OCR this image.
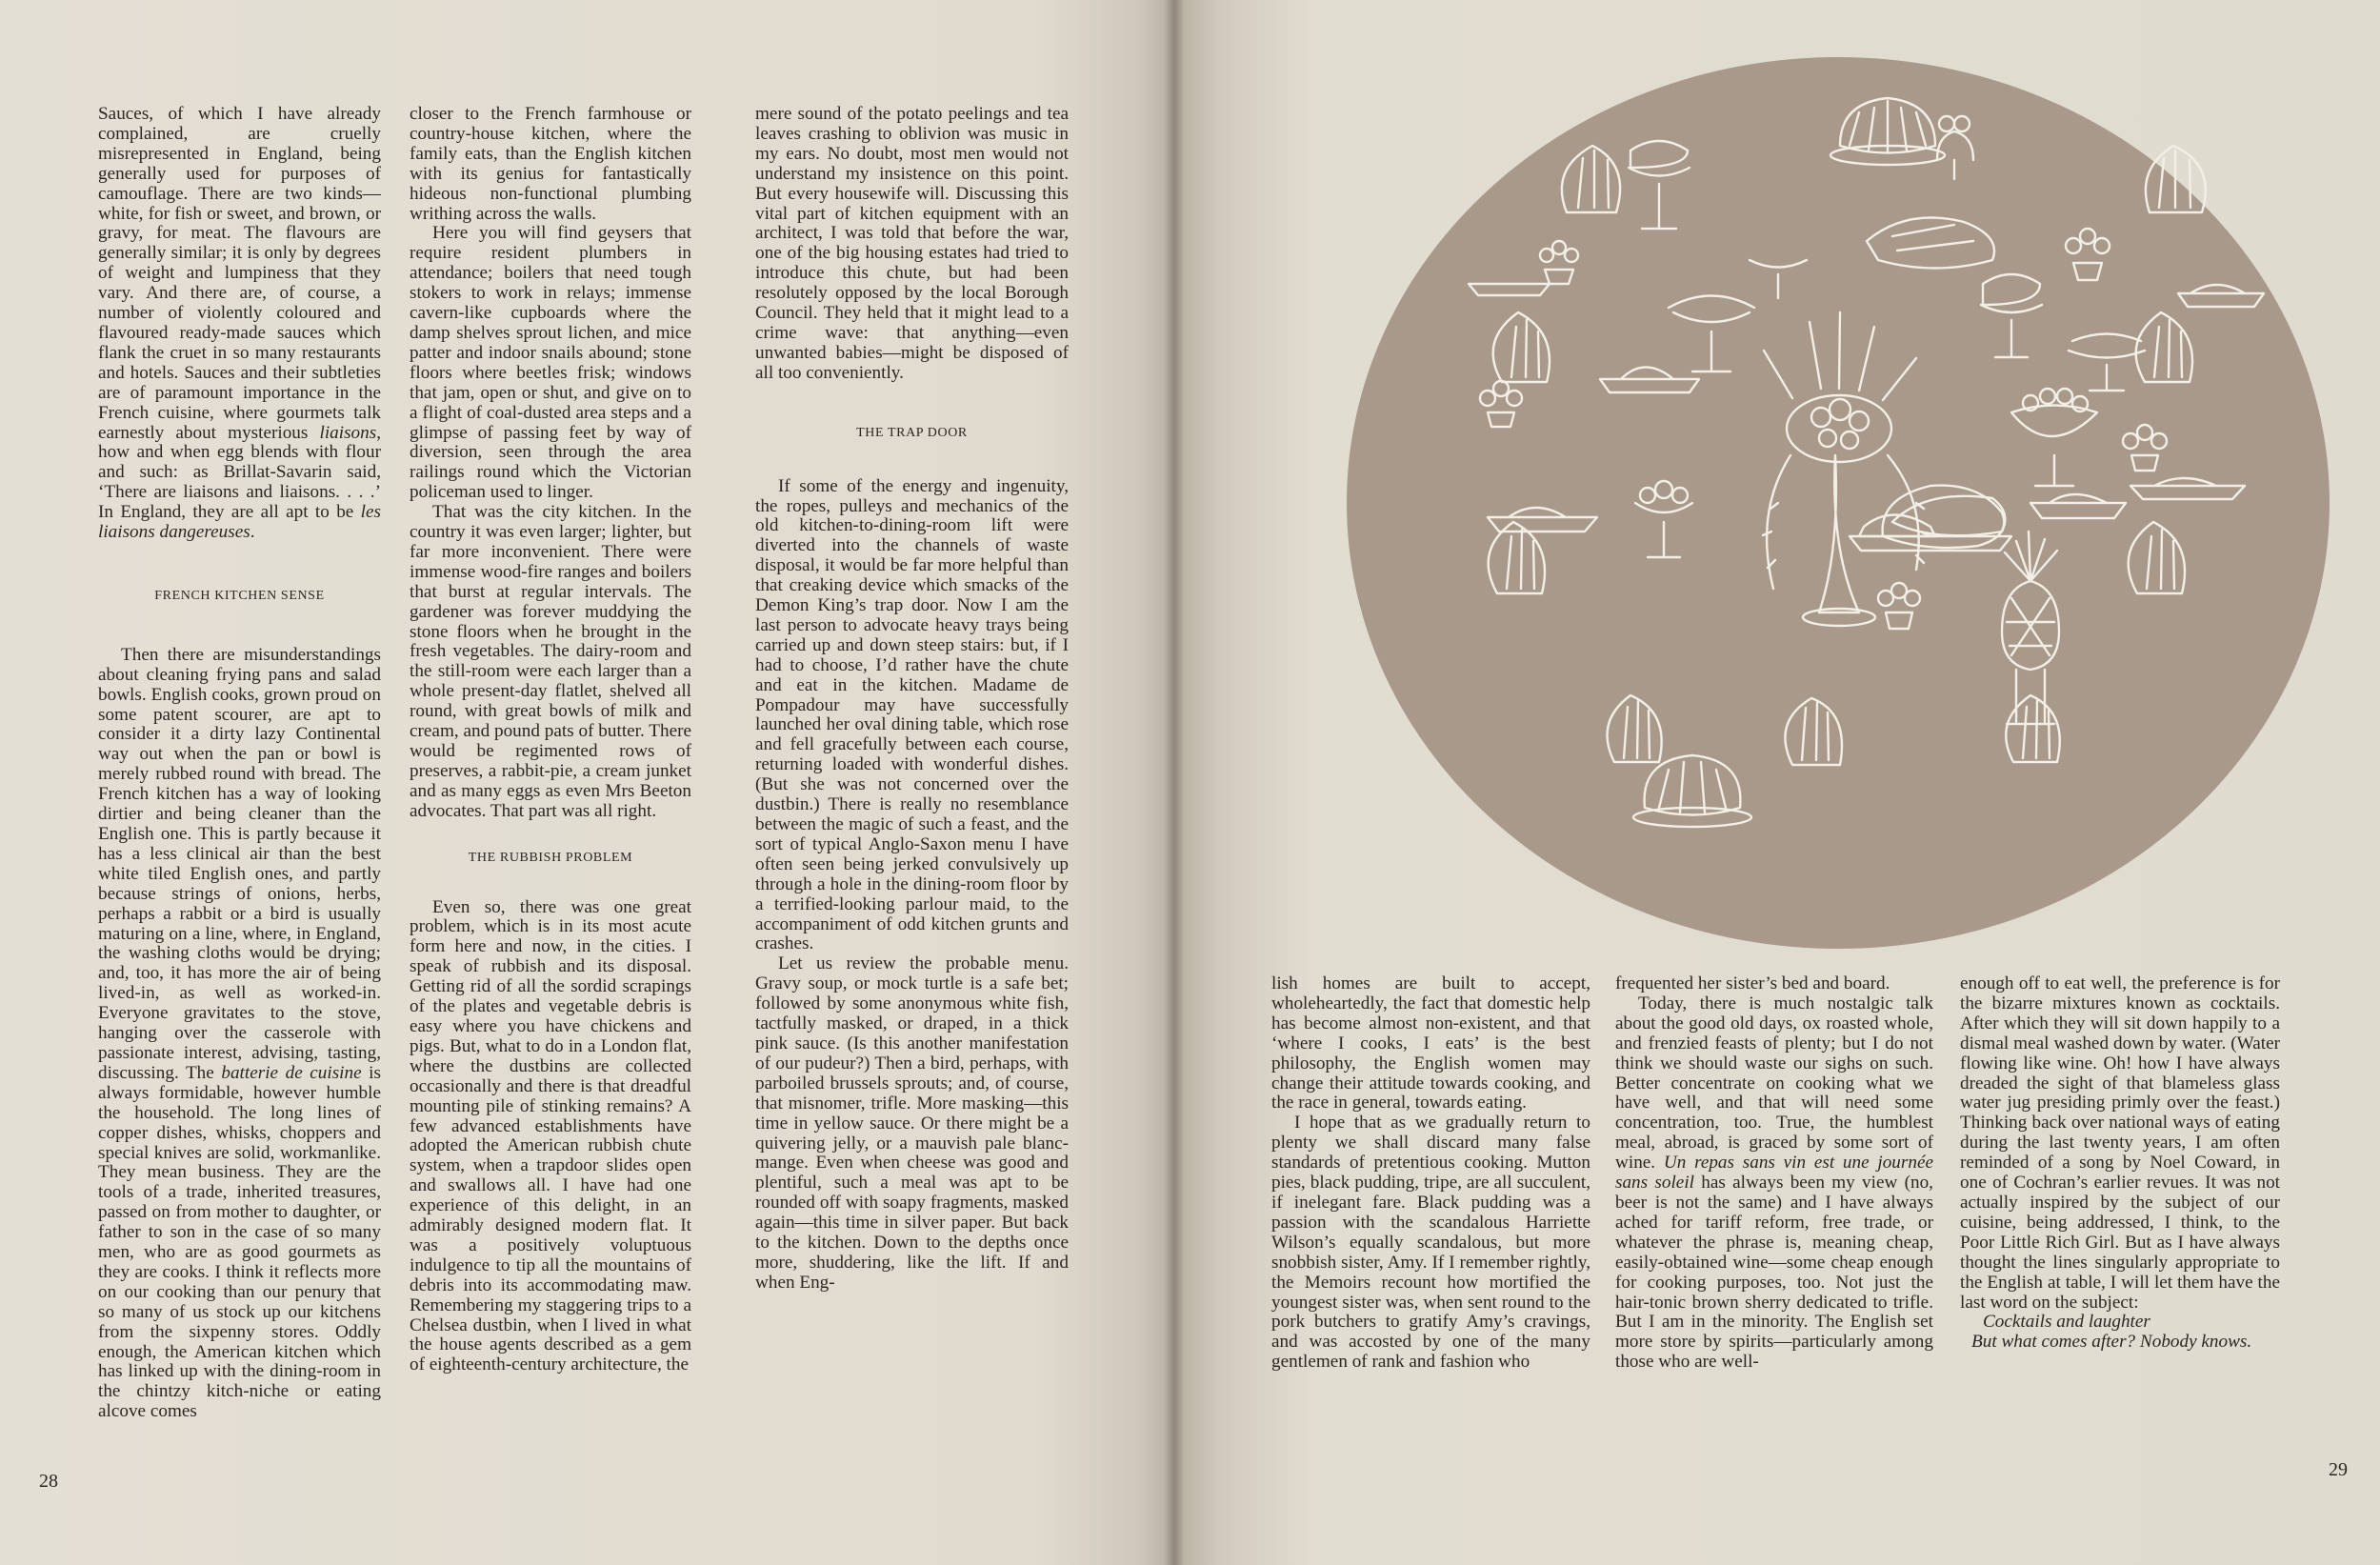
Sauces, of which I have already complained, are cruelly misrepresented in England, being generally used for purposes of camouflage. There are two kinds—white, for fish or sweet, and brown, or gravy, for meat. The flavours are generally similar; it is only by degrees of weight and lumpiness that they vary. And there are, of course, a number of violently coloured and flavoured ready-made sauces which flank the cruet in so many restaurants and hotels. Sauces and their subtleties are of paramount importance in the French cuisine, where gourmets talk earnestly about mysterious liaisons, how and when egg blends with flour and such: as Brillat-Savarin said, ‘There are liaisons and liaisons. . . .’ In England, they are all apt to be les liaisons dangereuses.

FRENCH KITCHEN SENSE

Then there are misunderstandings about cleaning frying pans and salad bowls. English cooks, grown proud on some patent scourer, are apt to consider it a dirty lazy Continental way out when the pan or bowl is merely rubbed round with bread. The French kitchen has a way of looking dirtier and being cleaner than the English one. This is partly because it has a less clinical air than the best white tiled English ones, and partly because strings of onions, herbs, perhaps a rabbit or a bird is usually maturing on a line, where, in England, the washing cloths would be drying; and, too, it has more the air of being lived-in, as well as worked-in. Everyone gravitates to the stove, hanging over the casserole with passionate interest, advising, tasting, discussing. The batterie de cuisine is always formidable, however humble the household. The long lines of copper dishes, whisks, choppers and special knives are solid, workmanlike. They mean business. They are the tools of a trade, inherited treasures, passed on from mother to daughter, or father to son in the case of so many men, who are as good gourmets as they are cooks. I think it reflects more on our cooking than our penury that so many of us stock up our kitchens from the sixpenny stores. Oddly enough, the American kitchen which has linked up with the dining-room in the chintzy kitch-niche or eating alcove comes

closer to the French farmhouse or country-house kitchen, where the family eats, than the English kitchen with its genius for fantastically hideous non-functional plumbing writhing across the walls.

Here you will find geysers that require resident plumbers in attendance; boilers that need tough stokers to work in relays; immense cavern-like cupboards where the damp shelves sprout lichen, and mice patter and indoor snails abound; stone floors where beetles frisk; windows that jam, open or shut, and give on to a flight of coal-dusted area steps and a glimpse of passing feet by way of diversion, seen through the area railings round which the Victorian policeman used to linger.

That was the city kitchen. In the country it was even larger; lighter, but far more inconvenient. There were immense wood-fire ranges and boilers that burst at regular intervals. The gardener was forever muddying the stone floors when he brought in the fresh vegetables. The dairy-room and the still-room were each larger than a whole present-day flatlet, shelved all round, with great bowls of milk and cream, and pound pats of butter. There would be regimented rows of preserves, a rabbit-pie, a cream junket and as many eggs as even Mrs Beeton advocates. That part was all right.

THE RUBBISH PROBLEM

Even so, there was one great problem, which is in its most acute form here and now, in the cities. I speak of rubbish and its disposal. Getting rid of all the sordid scrapings of the plates and vegetable debris is easy where you have chickens and pigs. But, what to do in a London flat, where the dustbins are collected occasionally and there is that dreadful mounting pile of stinking remains? A few advanced establishments have adopted the American rubbish chute system, when a trapdoor slides open and swallows all. I have had one experience of this delight, in an admirably designed modern flat. It was a positively voluptuous indulgence to tip all the mountains of debris into its accommodating maw. Remembering my staggering trips to a Chelsea dustbin, when I lived in what the house agents described as a gem of eighteenth-century architecture, the

mere sound of the potato peelings and tea leaves crashing to oblivion was music in my ears. No doubt, most men would not understand my insistence on this point. But every housewife will. Discussing this vital part of kitchen equipment with an architect, I was told that before the war, one of the big housing estates had tried to introduce this chute, but had been resolutely opposed by the local Borough Council. They held that it might lead to a crime wave: that anything—even unwanted babies—might be disposed of all too conveniently.

THE TRAP DOOR

If some of the energy and ingenuity, the ropes, pulleys and mechanics of the old kitchen-to-dining-room lift were diverted into the channels of waste disposal, it would be far more helpful than that creaking device which smacks of the Demon King’s trap door. Now I am the last person to advocate heavy trays being carried up and down steep stairs: but, if I had to choose, I’d rather have the chute and eat in the kitchen. Madame de Pompadour may have successfully launched her oval dining table, which rose and fell gracefully between each course, returning loaded with wonderful dishes. (But she was not concerned over the dustbin.) There is really no resemblance between the magic of such a feast, and the sort of typical Anglo-Saxon menu I have often seen being jerked convulsively up through a hole in the dining-room floor by a terrified-looking parlour maid, to the accompaniment of odd kitchen grunts and crashes.

Let us review the probable menu. Gravy soup, or mock turtle is a safe bet; followed by some anonymous white fish, tactfully masked, or draped, in a thick pink sauce. (Is this another manifestation of our pudeur?) Then a bird, perhaps, with parboiled brussels sprouts; and, of course, that misnomer, trifle. More masking—this time in yellow sauce. Or there might be a quivering jelly, or a mauvish pale blanc-mange. Even when cheese was good and plentiful, such a meal was apt to be rounded off with soapy fragments, masked again—this time in silver paper. But back to the kitchen. Down to the depths once more, shuddering, like the lift. If and when Eng-

28

lish homes are built to accept, wholeheartedly, the fact that domestic help has become almost non-existent, and that ‘where I cooks, I eats’ is the best philosophy, the English women may change their attitude towards cooking, and the race in general, towards eating.

I hope that as we gradually return to plenty we shall discard many false standards of pretentious cooking. Mutton pies, black pudding, tripe, are all succulent, if inelegant fare. Black pudding was a passion with the scandalous Harriette Wilson’s equally scandalous, but more snobbish sister, Amy. If I remember rightly, the Memoirs recount how mortified the youngest sister was, when sent round to the pork butchers to gratify Amy’s cravings, and was accosted by one of the many gentlemen of rank and fashion who

frequented her sister’s bed and board.

Today, there is much nostalgic talk about the good old days, ox roasted whole, and frenzied feasts of plenty; but I do not think we should waste our sighs on such. Better concentrate on cooking what we have well, and that will need some concentration, too. True, the humblest meal, abroad, is graced by some sort of wine. Un repas sans vin est une journée sans soleil has always been my view (no, beer is not the same) and I have always ached for tariff reform, free trade, or whatever the phrase is, meaning cheap, easily-obtained wine—some cheap enough for cooking purposes, too. Not just the hair-tonic brown sherry dedicated to trifle. But I am in the minority. The English set more store by spirits—particularly among those who are well-

enough off to eat well, the preference is for the bizarre mixtures known as cocktails. After which they will sit down happily to a dismal meal washed down by water. (Water flowing like wine. Oh! how I have always dreaded the sight of that blameless glass water jug presiding primly over the feast.) Thinking back over national ways of eating during the last twenty years, I am often reminded of a song by Noel Coward, in one of Cochran’s earlier revues. It was not actually inspired by the subject of our cuisine, being addressed, I think, to the Poor Little Rich Girl. But as I have always thought the lines singularly appropriate to the English at table, I will let them have the last word on the subject:

Cocktails and laughter

But what comes after? Nobody knows.

29
